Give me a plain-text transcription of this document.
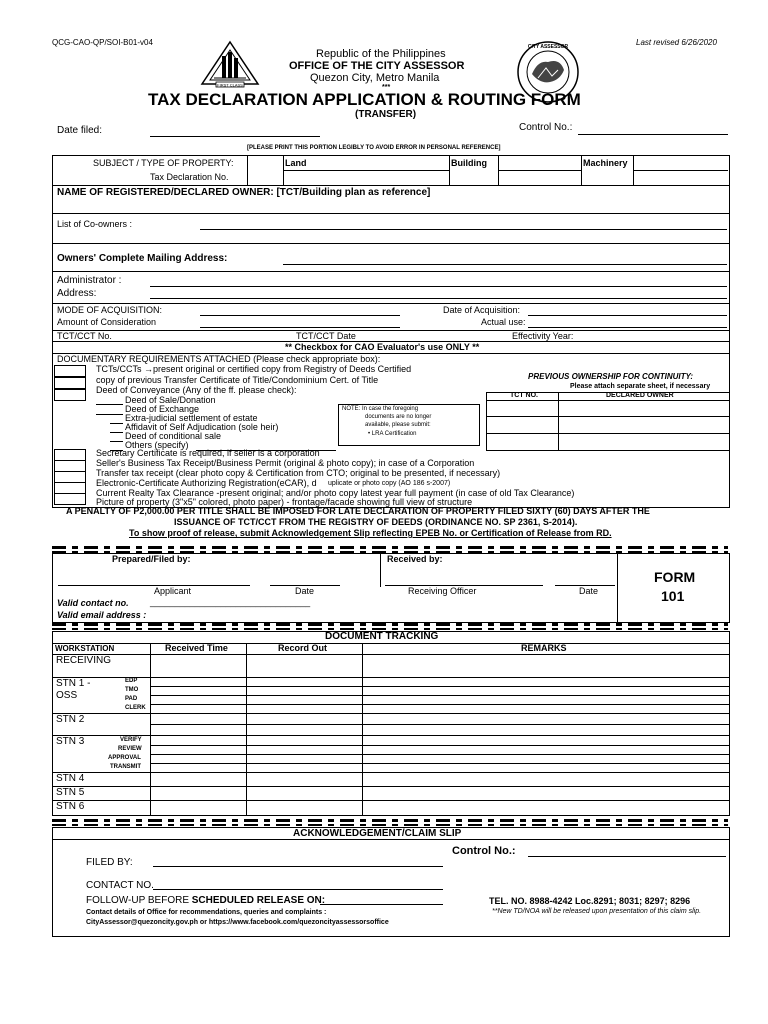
QCG-CAO-QP/SOI-B01-v04	Last revised 6/26/2020
FIRST CLASS
CITY ASSESSOR
Republic of the Philippines
OFFICE OF THE CITY ASSESSOR
Quezon City, Metro Manila
***
TAX DECLARATION APPLICATION & ROUTING FORM
(TRANSFER)
Date filed:	Control No.:
[PLEASE PRINT THIS PORTION LEGIBLY TO AVOID ERROR IN PERSONAL REFERENCE]
SUBJECT / TYPE OF PROPERTY:
Tax Declaration No.
Land	Building	Machinery
NAME OF REGISTERED/DECLARED OWNER: [TCT/Building plan as reference]
List of Co-owners :
Owners' Complete Mailing Address:
Administrator :
Address:
MODE OF ACQUISITION:	Date of Acquisition:
Amount of Consideration	Actual use:
TCT/CCT No.	TCT/CCT Date	Effectivity Year:
** Checkbox for CAO Evaluator's use ONLY **
DOCUMENTARY REQUIREMENTS ATTACHED (Please check appropriate box):
TCTs/CCTs →present original or certified copy from Registry of Deeds Certified
copy of previous Transfer Certificate of Title/Condominium Cert. of Title
Deed of Conveyance (Any of the ff. please check):
Deed of Sale/Donation
Deed of Exchange
Extra-judicial settlement of estate
Affidavit of Self Adjudication (sole heir)
Deed of conditional sale
Others (specify)
NOTE: In case the foregoing
documents are no longer
available, please submit:
• LRA Certification
PREVIOUS OWNERSHIP FOR CONTINUITY:
Please attach separate sheet, if necessary
TCT NO.	DECLARED OWNER
Secretary Certificate is required, if seller is a corporation
Seller's Business Tax Receipt/Business Permit (original & photo copy); in case of a Corporation
Transfer tax receipt (clear photo copy & Certification from CTO; original to be presented, if necessary)
Electronic-Certificate Authorizing Registration(eCAR), d uplicate or photo copy (AO 186 s-2007)
Current Realty Tax Clearance -present original; and/or photo copy latest year full payment (in case of old Tax Clearance)
Picture of property (3"x5" colored, photo paper) - frontage/facade showing full view of structure
A PENALTY OF P2,000.00 PER TITLE SHALL BE IMPOSED FOR LATE DECLARATION OF PROPERTY FILED SIXTY (60) DAYS AFTER THE
ISSUANCE OF TCT/CCT FROM THE REGISTRY OF DEEDS (ORDINANCE NO. SP 2361, S-2014).
To show proof of release, submit Acknowledgement Slip reflecting EPEB No. or Certification of Release from RD.
Prepared/Filed by:	Received by:
Applicant	Date	Receiving Officer	Date
FORM
101
Valid contact no. ________________________________
Valid email address :
DOCUMENT TRACKING
WORKSTATION	Received Time	Record Out	REMARKS
RECEIVING
STN 1 -
OSS
EDP
TMO
PAD
CLERK
STN 2
STN 3	VERIFY
REVIEW
APPROVAL
TRANSMIT
STN 4
STN 5
STN 6
ACKNOWLEDGEMENT/CLAIM SLIP
Control No.:
FILED BY:
CONTACT NO.
FOLLOW-UP BEFORE SCHEDULED RELEASE ON:	TEL. NO. 8988-4242 Loc.8291; 8031; 8297; 8296
Contact details of Office for recommendations, queries and complaints :	**New TD/NOA will be released upon presentation of this claim slip.
CityAssessor@quezoncity.gov.ph or https://www.facebook.com/quezoncityassessorsoffice
